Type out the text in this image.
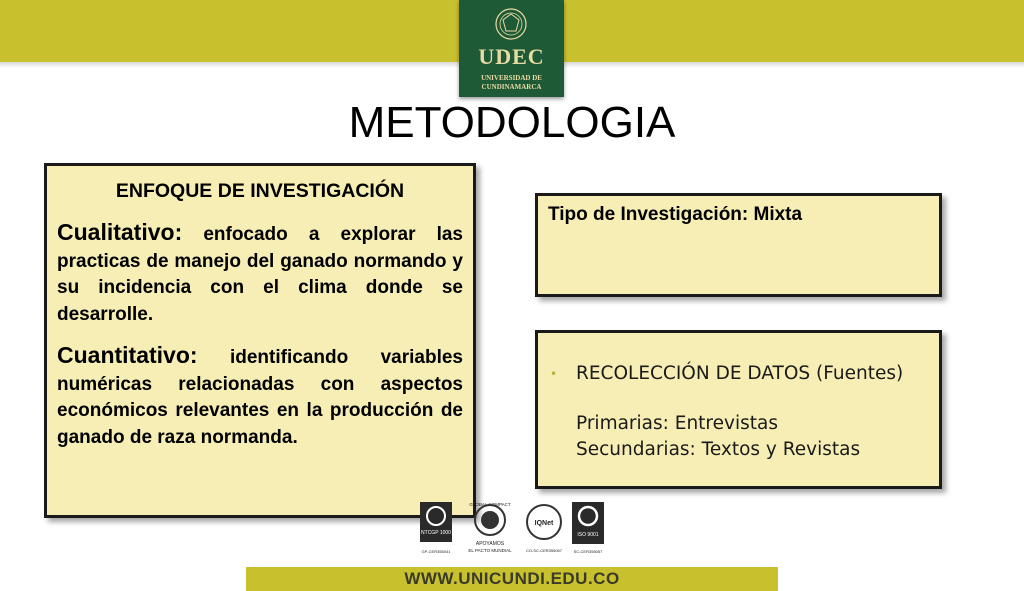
UDEC
UNIVERSIDAD DE
CUNDINAMARCA
METODOLOGIA
ENFOQUE DE INVESTIGACIÓN
Cualitativo: enfocado a explorar las practicas de manejo del ganado normando y su incidencia con el clima donde se desarrolle.
Cuantitativo: identificando variables numéricas relacionadas con aspectos económicos relevantes en la producción de ganado de raza normanda.
Tipo de Investigación: Mixta
•	RECOLECCIÓN DE DATOS (Fuentes)
Primarias: Entrevistas
Secundarias: Textos y Revistas
NTCGP 1000
GP-CER355041
GLOBAL COMPACT
APOYAMOS
EL PACTO MUNDIAL
IQNet
CO-SC-CER355057
ISO 9001
SC-CER355057
WWW.UNICUNDI.EDU.CO
